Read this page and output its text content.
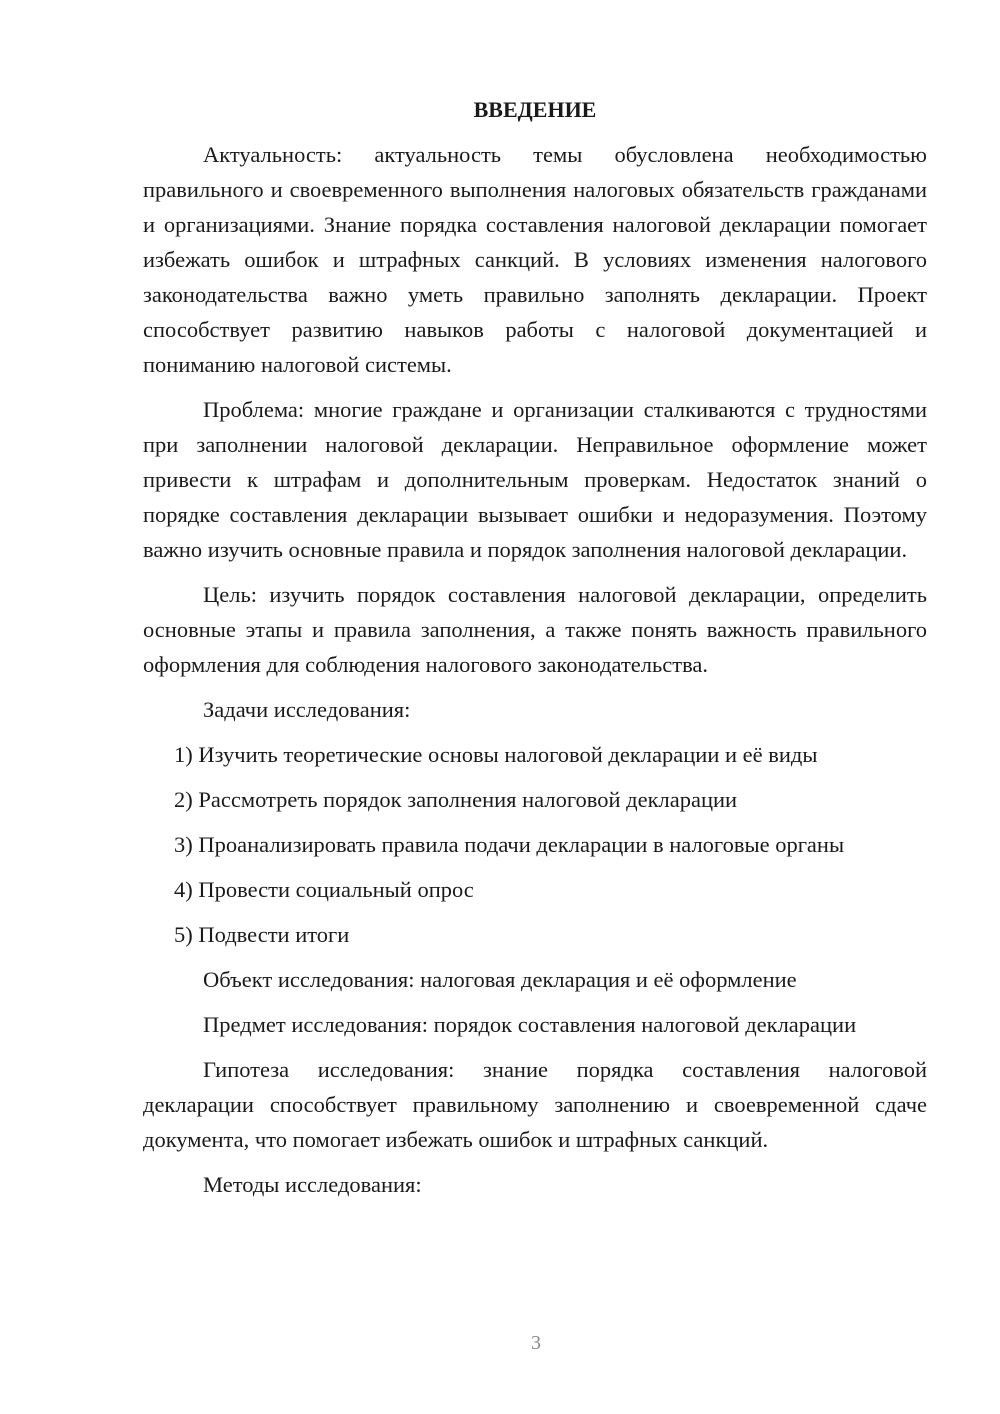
ВВЕДЕНИЕ

Актуальность: актуальность темы обусловлена необходимостью правильного и своевременного выполнения налоговых обязательств гражданами и организациями. Знание порядка составления налоговой декларации помогает избежать ошибок и штрафных санкций. В условиях изменения налогового законодательства важно уметь правильно заполнять декларации. Проект способствует развитию навыков работы с налоговой документацией и пониманию налоговой системы.

Проблема: многие граждане и организации сталкиваются с трудностями при заполнении налоговой декларации. Неправильное оформление может привести к штрафам и дополнительным проверкам. Недостаток знаний о порядке составления декларации вызывает ошибки и недоразумения. Поэтому важно изучить основные правила и порядок заполнения налоговой декларации.

Цель: изучить порядок составления налоговой декларации, определить основные этапы и правила заполнения, а также понять важность правильного оформления для соблюдения налогового законодательства.

Задачи исследования:
1) Изучить теоретические основы налоговой декларации и её виды
2) Рассмотреть порядок заполнения налоговой декларации
3) Проанализировать правила подачи декларации в налоговые органы
4) Провести социальный опрос
5) Подвести итоги
Объект исследования: налоговая декларация и её оформление
Предмет исследования: порядок составления налоговой декларации

Гипотеза исследования: знание порядка составления налоговой декларации способствует правильному заполнению и своевременной сдаче документа, что помогает избежать ошибок и штрафных санкций.

Методы исследования:
3
